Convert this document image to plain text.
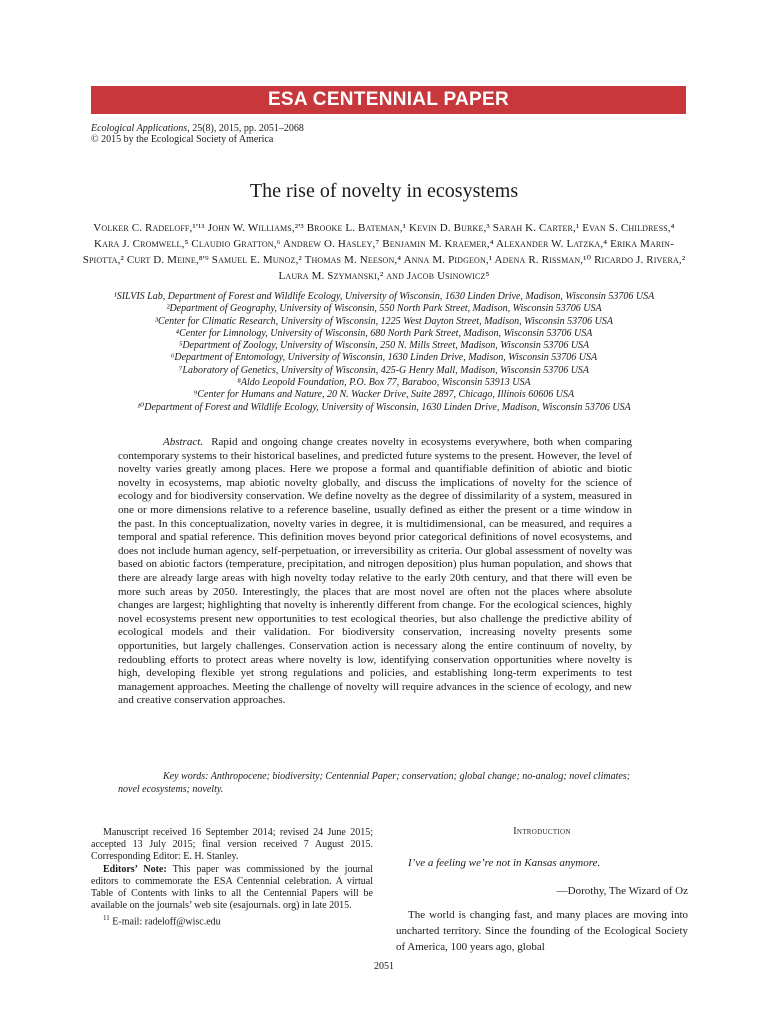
ESA CENTENNIAL PAPER
Ecological Applications, 25(8), 2015, pp. 2051–2068
© 2015 by the Ecological Society of America
The rise of novelty in ecosystems
Volker C. Radeloff,¹'¹¹ John W. Williams,²'³ Brooke L. Bateman,¹ Kevin D. Burke,³ Sarah K. Carter,¹ Evan S. Childress,⁴ Kara J. Cromwell,⁵ Claudio Gratton,⁶ Andrew O. Hasley,⁷ Benjamin M. Kraemer,⁴ Alexander W. Latzka,⁴ Erika Marin-Spiotta,² Curt D. Meine,⁸'⁹ Samuel E. Munoz,² Thomas M. Neeson,⁴ Anna M. Pidgeon,¹ Adena R. Rissman,¹⁰ Ricardo J. Rivera,² Laura M. Szymanski,² and Jacob Usinowicz⁵
¹SILVIS Lab, Department of Forest and Wildlife Ecology, University of Wisconsin, 1630 Linden Drive, Madison, Wisconsin 53706 USA
²Department of Geography, University of Wisconsin, 550 North Park Street, Madison, Wisconsin 53706 USA
³Center for Climatic Research, University of Wisconsin, 1225 West Dayton Street, Madison, Wisconsin 53706 USA
⁴Center for Limnology, University of Wisconsin, 680 North Park Street, Madison, Wisconsin 53706 USA
⁵Department of Zoology, University of Wisconsin, 250 N. Mills Street, Madison, Wisconsin 53706 USA
⁶Department of Entomology, University of Wisconsin, 1630 Linden Drive, Madison, Wisconsin 53706 USA
⁷Laboratory of Genetics, University of Wisconsin, 425-G Henry Mall, Madison, Wisconsin 53706 USA
⁸Aldo Leopold Foundation, P.O. Box 77, Baraboo, Wisconsin 53913 USA
⁹Center for Humans and Nature, 20 N. Wacker Drive, Suite 2897, Chicago, Illinois 60606 USA
¹⁰Department of Forest and Wildlife Ecology, University of Wisconsin, 1630 Linden Drive, Madison, Wisconsin 53706 USA

Abstract. Rapid and ongoing change creates novelty in ecosystems everywhere, both when comparing contemporary systems to their historical baselines, and predicted future systems to the present. However, the level of novelty varies greatly among places. Here we propose a formal and quantifiable definition of abiotic and biotic novelty in ecosystems, map abiotic novelty globally, and discuss the implications of novelty for the science of ecology and for biodiversity conservation. We define novelty as the degree of dissimilarity of a system, measured in one or more dimensions relative to a reference baseline, usually defined as either the present or a time window in the past. In this conceptualization, novelty varies in degree, it is multidimensional, can be measured, and requires a temporal and spatial reference. This definition moves beyond prior categorical definitions of novel ecosystems, and does not include human agency, self-perpetuation, or irreversibility as criteria. Our global assessment of novelty was based on abiotic factors (temperature, precipitation, and nitrogen deposition) plus human population, and shows that there are already large areas with high novelty today relative to the early 20th century, and that there will even be more such areas by 2050. Interestingly, the places that are most novel are often not the places where absolute changes are largest; highlighting that novelty is inherently different from change. For the ecological sciences, highly novel ecosystems present new opportunities to test ecological theories, but also challenge the predictive ability of ecological models and their validation. For biodiversity conservation, increasing novelty presents some opportunities, but largely challenges. Conservation action is necessary along the entire continuum of novelty, by redoubling efforts to protect areas where novelty is low, identifying conservation opportunities where novelty is high, developing flexible yet strong regulations and policies, and establishing long-term experiments to test management approaches. Meeting the challenge of novelty will require advances in the science of ecology, and new and creative conservation approaches.

Key words: Anthropocene; biodiversity; Centennial Paper; conservation; global change; no-analog; novel climates; novel ecosystems; novelty.

Manuscript received 16 September 2014; revised 24 June 2015; accepted 13 July 2015; final version received 7 August 2015. Corresponding Editor: E. H. Stanley.

Editors’ Note: This paper was commissioned by the journal editors to commemorate the ESA Centennial celebration. A virtual Table of Contents with links to all the Centennial Papers will be available on the journals’ web site (esajournals. org) in late 2015.

$^{11}$ E-mail: radeloff@wisc.edu

Introduction
I’ve a feeling we’re not in Kansas anymore.
—Dorothy, The Wizard of Oz
The world is changing fast, and many places are moving into uncharted territory. Since the founding of the Ecological Society of America, 100 years ago, global
2051
